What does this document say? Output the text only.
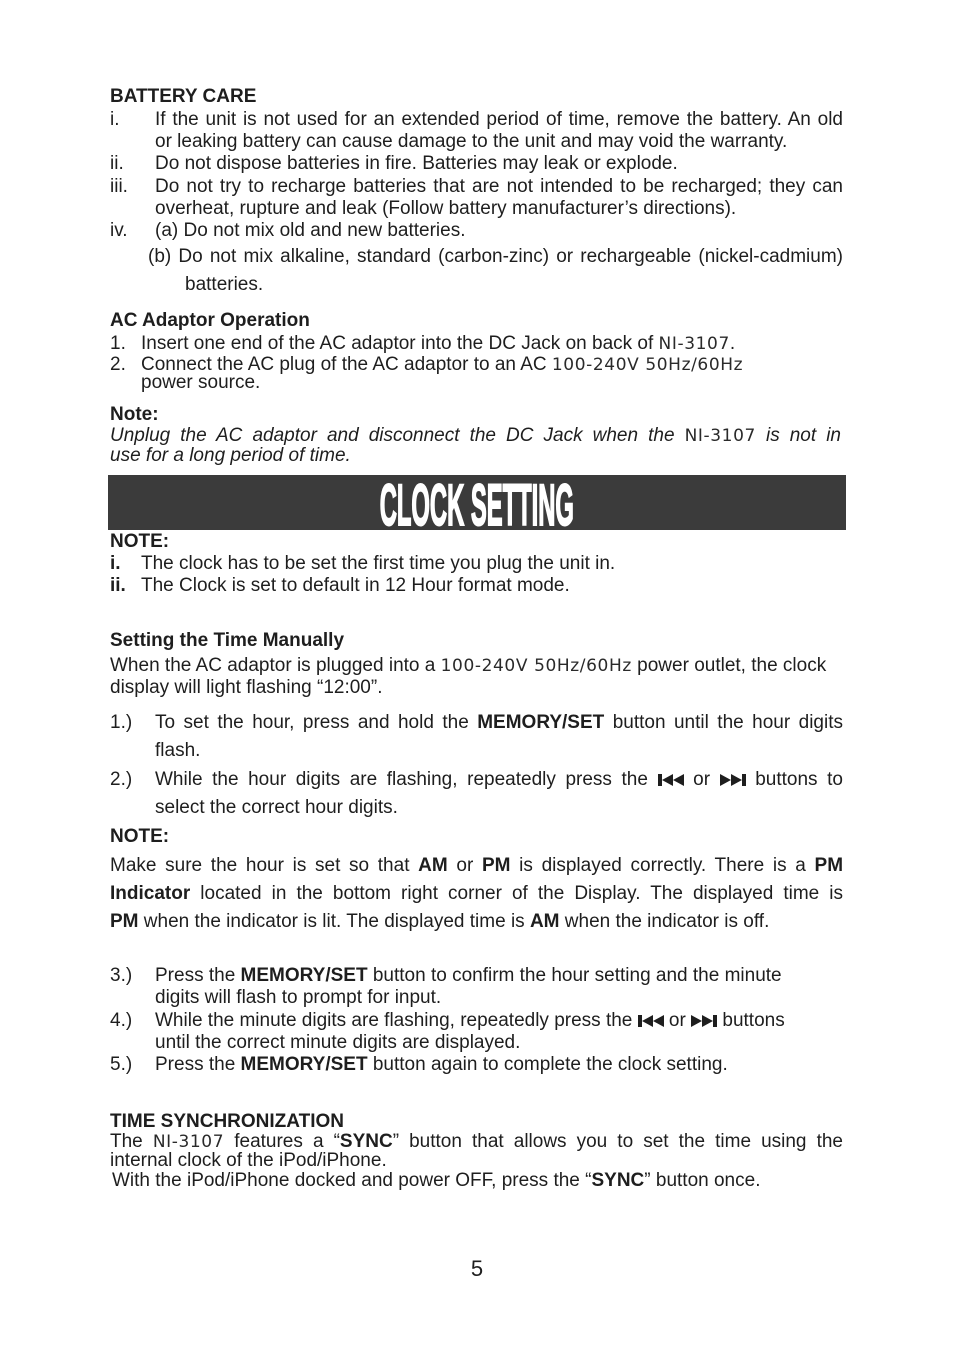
BATTERY CARE
i. If the unit is not used for an extended period of time, remove the battery. An old
or leaking battery can cause damage to the unit and may void the warranty.
ii. Do not dispose batteries in fire. Batteries may leak or explode.
iii. Do not try to recharge batteries that are not intended to be recharged; they can
overheat, rupture and leak (Follow battery manufacturer’s directions).
iv. (a) Do not mix old and new batteries.
(b) Do not mix alkaline, standard (carbon-zinc) or rechargeable (nickel-cadmium)
batteries.
AC Adaptor Operation
1. Insert one end of the AC adaptor into the DC Jack on back of NI-3107.
2. Connect the AC plug of the AC adaptor to an AC 100-240V 50Hz/60Hz
power source.
Note:
Unplug the AC adaptor and disconnect the DC Jack when the NI-3107 is not in
use for a long period of time.
CLOCK SETTING
NOTE:
i. The clock has to be set the first time you plug the unit in.
ii. The Clock is set to default in 12 Hour format mode.
Setting the Time Manually
When the AC adaptor is plugged into a 100-240V 50Hz/60Hz power outlet, the clock
display will light flashing “12:00”.
1.) To set the hour, press and hold the MEMORY/SET button until the hour digits
flash.
2.) While the hour digits are flashing, repeatedly press the  or  buttons to
select the correct hour digits.
NOTE:
Make sure the hour is set so that AM or PM is displayed correctly. There is a PM
Indicator located in the bottom right corner of the Display. The displayed time is
PM when the indicator is lit. The displayed time is AM when the indicator is off.
3.) Press the MEMORY/SET button to confirm the hour setting and the minute
digits will flash to prompt for input.
4.) While the minute digits are flashing, repeatedly press the  or  buttons
until the correct minute digits are displayed.
5.) Press the MEMORY/SET button again to complete the clock setting.
TIME SYNCHRONIZATION
The NI-3107 features a “SYNC” button that allows you to set the time using the
internal clock of the iPod/iPhone.
With the iPod/iPhone docked and power OFF, press the “SYNC” button once.
5
